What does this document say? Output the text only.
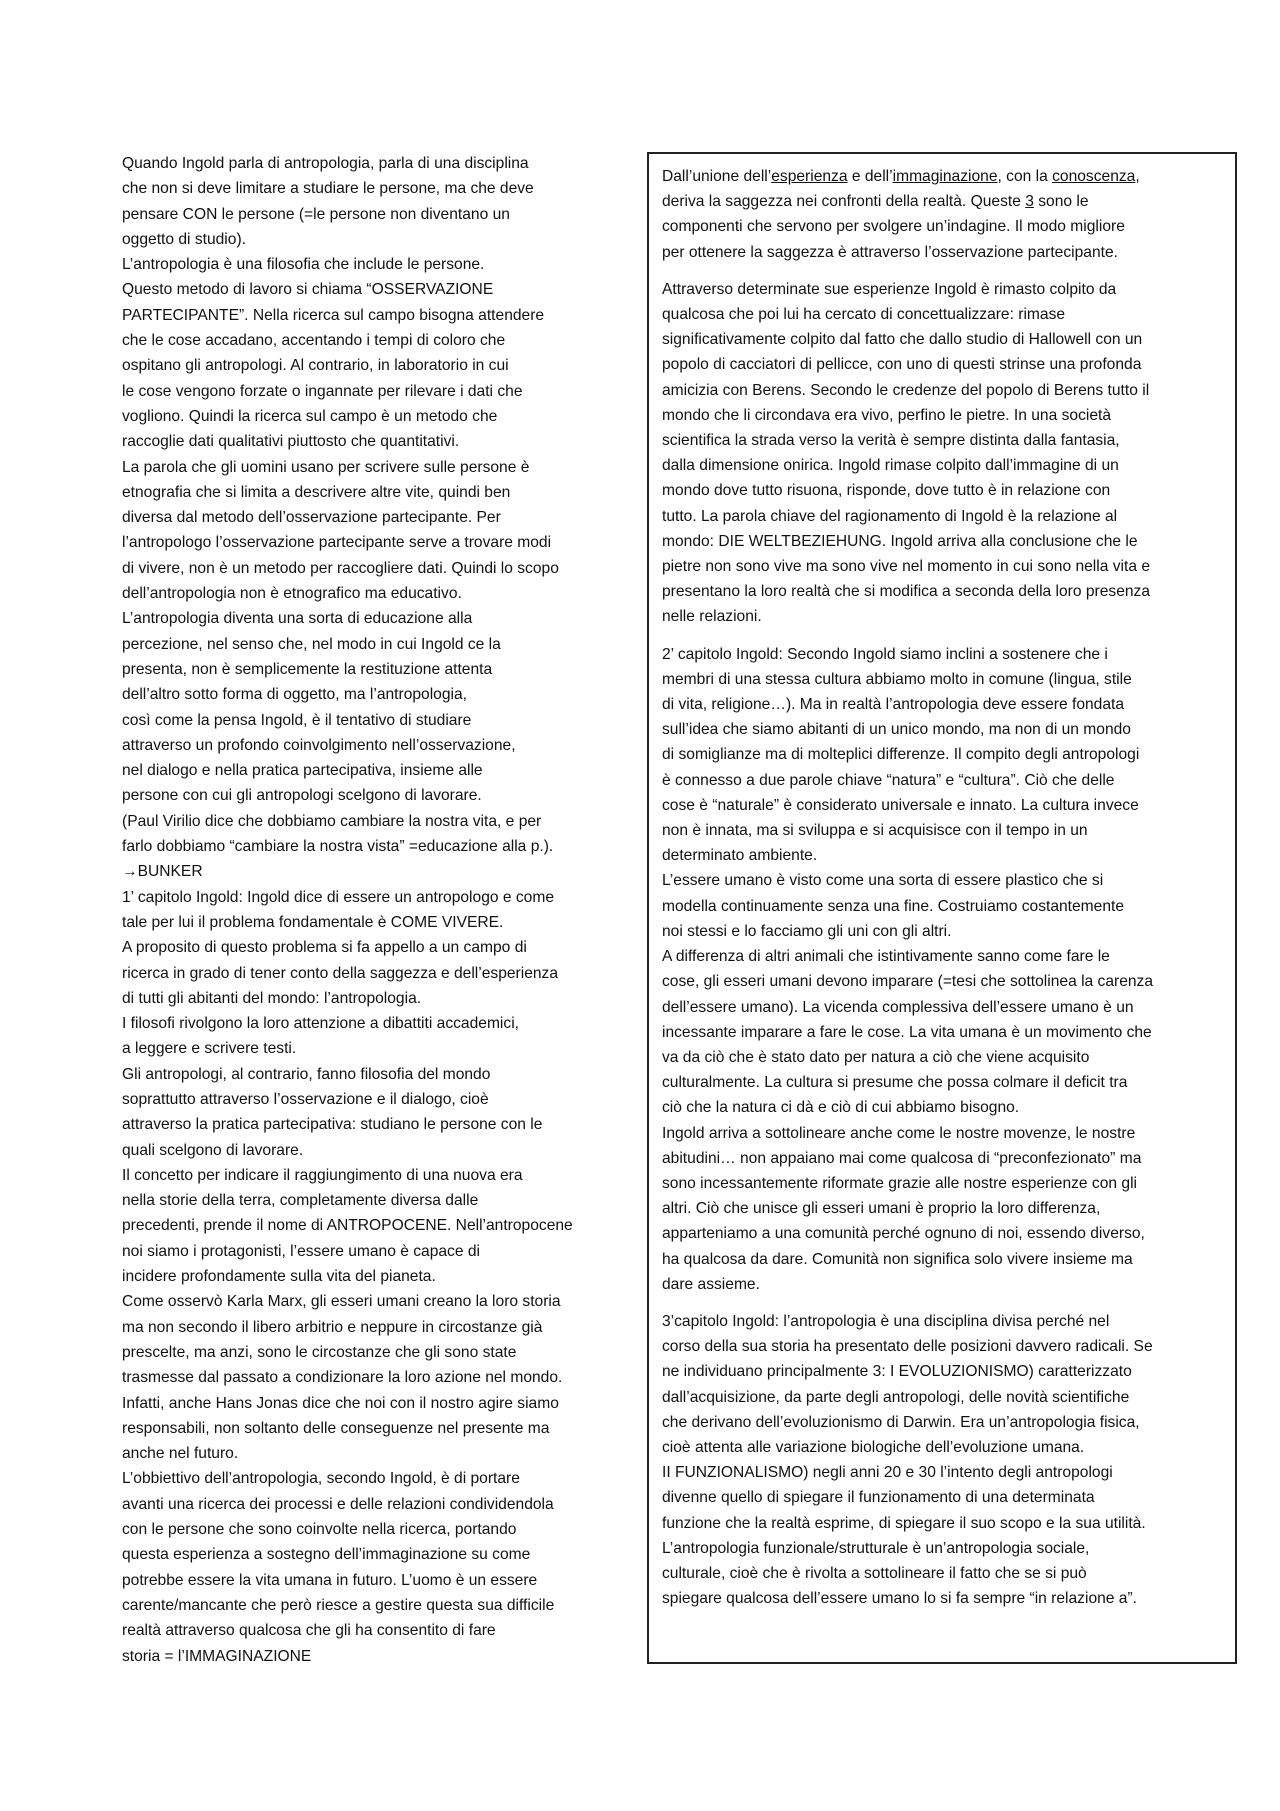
Quando Ingold parla di antropologia, parla di una disciplina
che non si deve limitare a studiare le persone, ma che deve
pensare CON le persone (=le persone non diventano un
oggetto di studio).
L’antropologia è una filosofia che include le persone.
Questo metodo di lavoro si chiama “OSSERVAZIONE
PARTECIPANTE”. Nella ricerca sul campo bisogna attendere
che le cose accadano, accentando i tempi di coloro che
ospitano gli antropologi. Al contrario, in laboratorio in cui
le cose vengono forzate o ingannate per rilevare i dati che
vogliono. Quindi la ricerca sul campo è un metodo che
raccoglie dati qualitativi piuttosto che quantitativi.
La parola che gli uomini usano per scrivere sulle persone è
etnografia che si limita a descrivere altre vite, quindi ben
diversa dal metodo dell’osservazione partecipante. Per
l’antropologo l’osservazione partecipante serve a trovare modi
di vivere, non è un metodo per raccogliere dati. Quindi lo scopo
dell’antropologia non è etnografico ma educativo.
L’antropologia diventa una sorta di educazione alla
percezione, nel senso che, nel modo in cui Ingold ce la
presenta, non è semplicemente la restituzione attenta
dell’altro sotto forma di oggetto, ma l’antropologia,
così come la pensa Ingold, è il tentativo di studiare
attraverso un profondo coinvolgimento nell’osservazione,
nel dialogo e nella pratica partecipativa, insieme alle
persone con cui gli antropologi scelgono di lavorare.
(Paul Virilio dice che dobbiamo cambiare la nostra vita, e per
farlo dobbiamo “cambiare la nostra vista” =educazione alla p.).
→BUNKER
1’ capitolo Ingold: Ingold dice di essere un antropologo e come
tale per lui il problema fondamentale è COME VIVERE.
A proposito di questo problema si fa appello a un campo di
ricerca in grado di tener conto della saggezza e dell’esperienza
di tutti gli abitanti del mondo: l’antropologia.
I filosofi rivolgono la loro attenzione a dibattiti accademici,
a leggere e scrivere testi.
Gli antropologi, al contrario, fanno filosofia del mondo
soprattutto attraverso l’osservazione e il dialogo, cioè
attraverso la pratica partecipativa: studiano le persone con le
quali scelgono di lavorare.
Il concetto per indicare il raggiungimento di una nuova era
nella storie della terra, completamente diversa dalle
precedenti, prende il nome di ANTROPOCENE. Nell’antropocene
noi siamo i protagonisti, l’essere umano è capace di
incidere profondamente sulla vita del pianeta.
Come osservò Karla Marx, gli esseri umani creano la loro storia
ma non secondo il libero arbitrio e neppure in circostanze già
prescelte, ma anzi, sono le circostanze che gli sono state
trasmesse dal passato a condizionare la loro azione nel mondo.
Infatti, anche Hans Jonas dice che noi con il nostro agire siamo
responsabili, non soltanto delle conseguenze nel presente ma
anche nel futuro.
L’obbiettivo dell’antropologia, secondo Ingold, è di portare
avanti una ricerca dei processi e delle relazioni condividendola
con le persone che sono coinvolte nella ricerca, portando
questa esperienza a sostegno dell’immaginazione su come
potrebbe essere la vita umana in futuro. L’uomo è un essere
carente/mancante che però riesce a gestire questa sua difficile
realtà attraverso qualcosa che gli ha consentito di fare
storia = l’IMMAGINAZIONE

Dall’unione dell’esperienza e dell’immaginazione, con la conoscenza,
deriva la saggezza nei confronti della realtà. Queste 3 sono le
componenti che servono per svolgere un’indagine. Il modo migliore
per ottenere la saggezza è attraverso l’osservazione partecipante.

Attraverso determinate sue esperienze Ingold è rimasto colpito da
qualcosa che poi lui ha cercato di concettualizzare: rimase
significativamente colpito dal fatto che dallo studio di Hallowell con un
popolo di cacciatori di pellicce, con uno di questi strinse una profonda
amicizia con Berens. Secondo le credenze del popolo di Berens tutto il
mondo che li circondava era vivo, perfino le pietre. In una società
scientifica la strada verso la verità è sempre distinta dalla fantasia,
dalla dimensione onirica. Ingold rimase colpito dall’immagine di un
mondo dove tutto risuona, risponde, dove tutto è in relazione con
tutto. La parola chiave del ragionamento di Ingold è la relazione al
mondo: DIE WELTBEZIEHUNG. Ingold arriva alla conclusione che le
pietre non sono vive ma sono vive nel momento in cui sono nella vita e
presentano la loro realtà che si modifica a seconda della loro presenza
nelle relazioni.

2’ capitolo Ingold: Secondo Ingold siamo inclini a sostenere che i
membri di una stessa cultura abbiamo molto in comune (lingua, stile
di vita, religione…). Ma in realtà l’antropologia deve essere fondata
sull’idea che siamo abitanti di un unico mondo, ma non di un mondo
di somiglianze ma di molteplici differenze. Il compito degli antropologi
è connesso a due parole chiave “natura” e “cultura”. Ciò che delle
cose è “naturale” è considerato universale e innato. La cultura invece
non è innata, ma si sviluppa e si acquisisce con il tempo in un
determinato ambiente.
L’essere umano è visto come una sorta di essere plastico che si
modella continuamente senza una fine. Costruiamo costantemente
noi stessi e lo facciamo gli uni con gli altri.
A differenza di altri animali che istintivamente sanno come fare le
cose, gli esseri umani devono imparare (=tesi che sottolinea la carenza
dell’essere umano). La vicenda complessiva dell’essere umano è un
incessante imparare a fare le cose. La vita umana è un movimento che
va da ciò che è stato dato per natura a ciò che viene acquisito
culturalmente. La cultura si presume che possa colmare il deficit tra
ciò che la natura ci dà e ciò di cui abbiamo bisogno.
Ingold arriva a sottolineare anche come le nostre movenze, le nostre
abitudini… non appaiano mai come qualcosa di “preconfezionato” ma
sono incessantemente riformate grazie alle nostre esperienze con gli
altri. Ciò che unisce gli esseri umani è proprio la loro differenza,
apparteniamo a una comunità perché ognuno di noi, essendo diverso,
ha qualcosa da dare. Comunità non significa solo vivere insieme ma
dare assieme.

3’capitolo Ingold: l’antropologia è una disciplina divisa perché nel
corso della sua storia ha presentato delle posizioni davvero radicali. Se
ne individuano principalmente 3: I EVOLUZIONISMO) caratterizzato
dall’acquisizione, da parte degli antropologi, delle novità scientifiche
che derivano dell’evoluzionismo di Darwin. Era un’antropologia fisica,
cioè attenta alle variazione biologiche dell’evoluzione umana.
II FUNZIONALISMO) negli anni 20 e 30 l’intento degli antropologi
divenne quello di spiegare il funzionamento di una determinata
funzione che la realtà esprime, di spiegare il suo scopo e la sua utilità.
L’antropologia funzionale/strutturale è un’antropologia sociale,
culturale, cioè che è rivolta a sottolineare il fatto che se si può
spiegare qualcosa dell’essere umano lo si fa sempre “in relazione a”.
